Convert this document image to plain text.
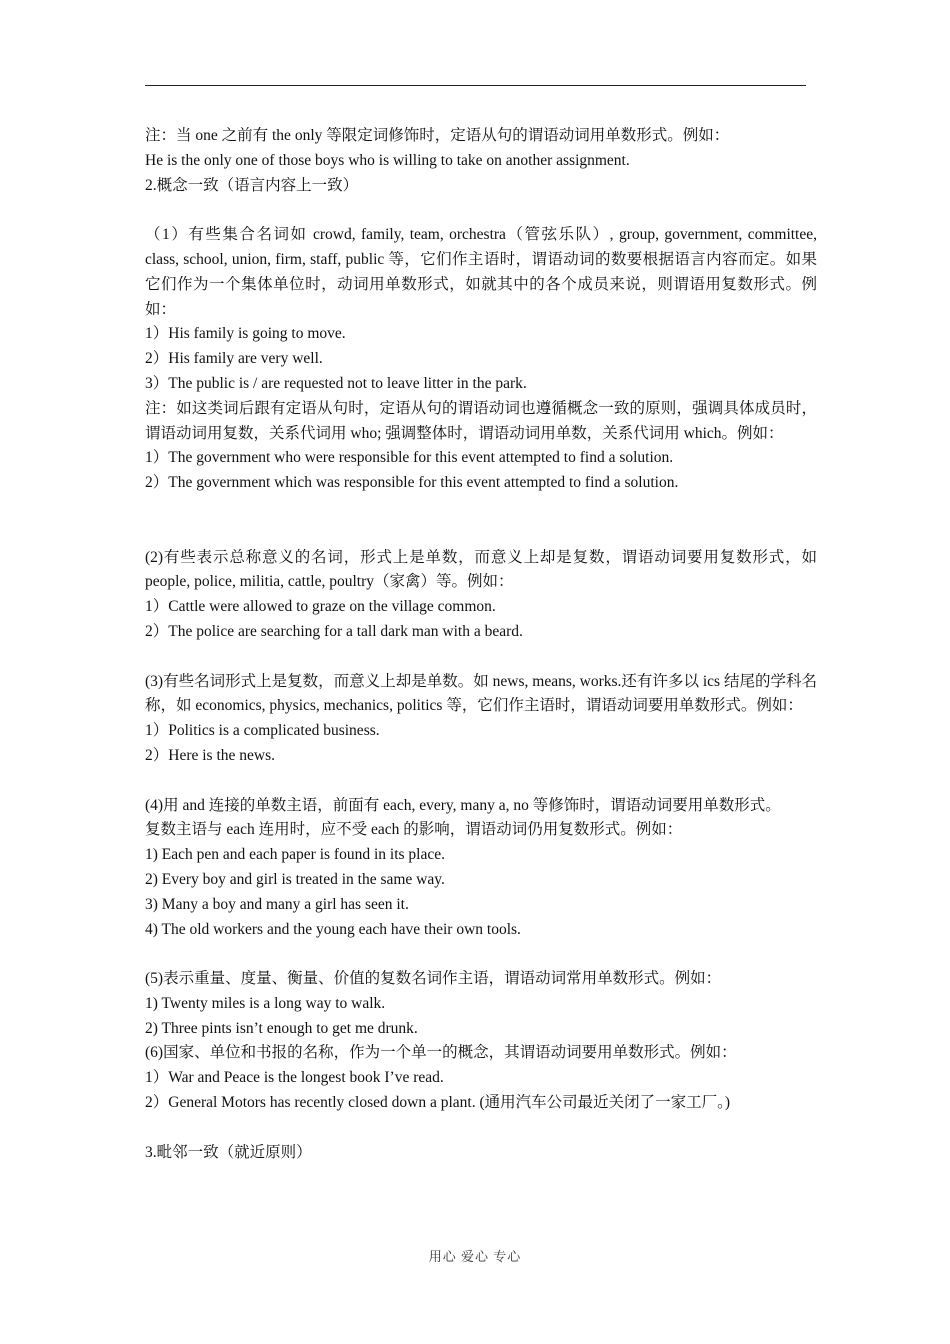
注：当 one 之前有 the only 等限定词修饰时，定语从句的谓语动词用单数形式。例如：
He is the only one of those boys who is willing to take on another assignment.
2.概念一致（语言内容上一致）
（1）有些集合名词如 crowd, family, team, orchestra（管弦乐队）, group, government, committee, class, school, union, firm, staff, public 等，它们作主语时，谓语动词的数要根据语言内容而定。如果它们作为一个集体单位时，动词用单数形式，如就其中的各个成员来说，则谓语用复数形式。例如：
1）His family is going to move.
2）His family are very well.
3）The public is / are requested not to leave litter in the park.
注：如这类词后跟有定语从句时，定语从句的谓语动词也遵循概念一致的原则，强调具体成员时，谓语动词用复数，关系代词用 who; 强调整体时，谓语动词用单数，关系代词用 which。例如：
1）The government who were responsible for this event attempted to find a solution.
2）The government which was responsible for this event attempted to find a solution.
(2)有些表示总称意义的名词，形式上是单数，而意义上却是复数，谓语动词要用复数形式，如 people, police, militia, cattle, poultry（家禽）等。例如：
1）Cattle were allowed to graze on the village common.
2）The police are searching for a tall dark man with a beard.
(3)有些名词形式上是复数，而意义上却是单数。如 news, means, works.还有许多以 ics 结尾的学科名称，如 economics, physics, mechanics, politics 等，它们作主语时，谓语动词要用单数形式。例如：
1）Politics is a complicated business.
2）Here is the news.
(4)用 and 连接的单数主语，前面有 each, every, many a, no 等修饰时，谓语动词要用单数形式。
复数主语与 each 连用时，应不受 each 的影响，谓语动词仍用复数形式。例如：
1) Each pen and each paper is found in its place.
2) Every boy and girl is treated in the same way.
3) Many a boy and many a girl has seen it.
4) The old workers and the young each have their own tools.
(5)表示重量、度量、衡量、价值的复数名词作主语，谓语动词常用单数形式。例如：
1) Twenty miles is a long way to walk.
2) Three pints isn’t enough to get me drunk.
(6)国家、单位和书报的名称，作为一个单一的概念，其谓语动词要用单数形式。例如：
1）War and Peace is the longest book I’ve read.
2）General Motors has recently closed down a plant. (通用汽车公司最近关闭了一家工厂。)
3.毗邻一致（就近原则）
用心 爱心 专心
